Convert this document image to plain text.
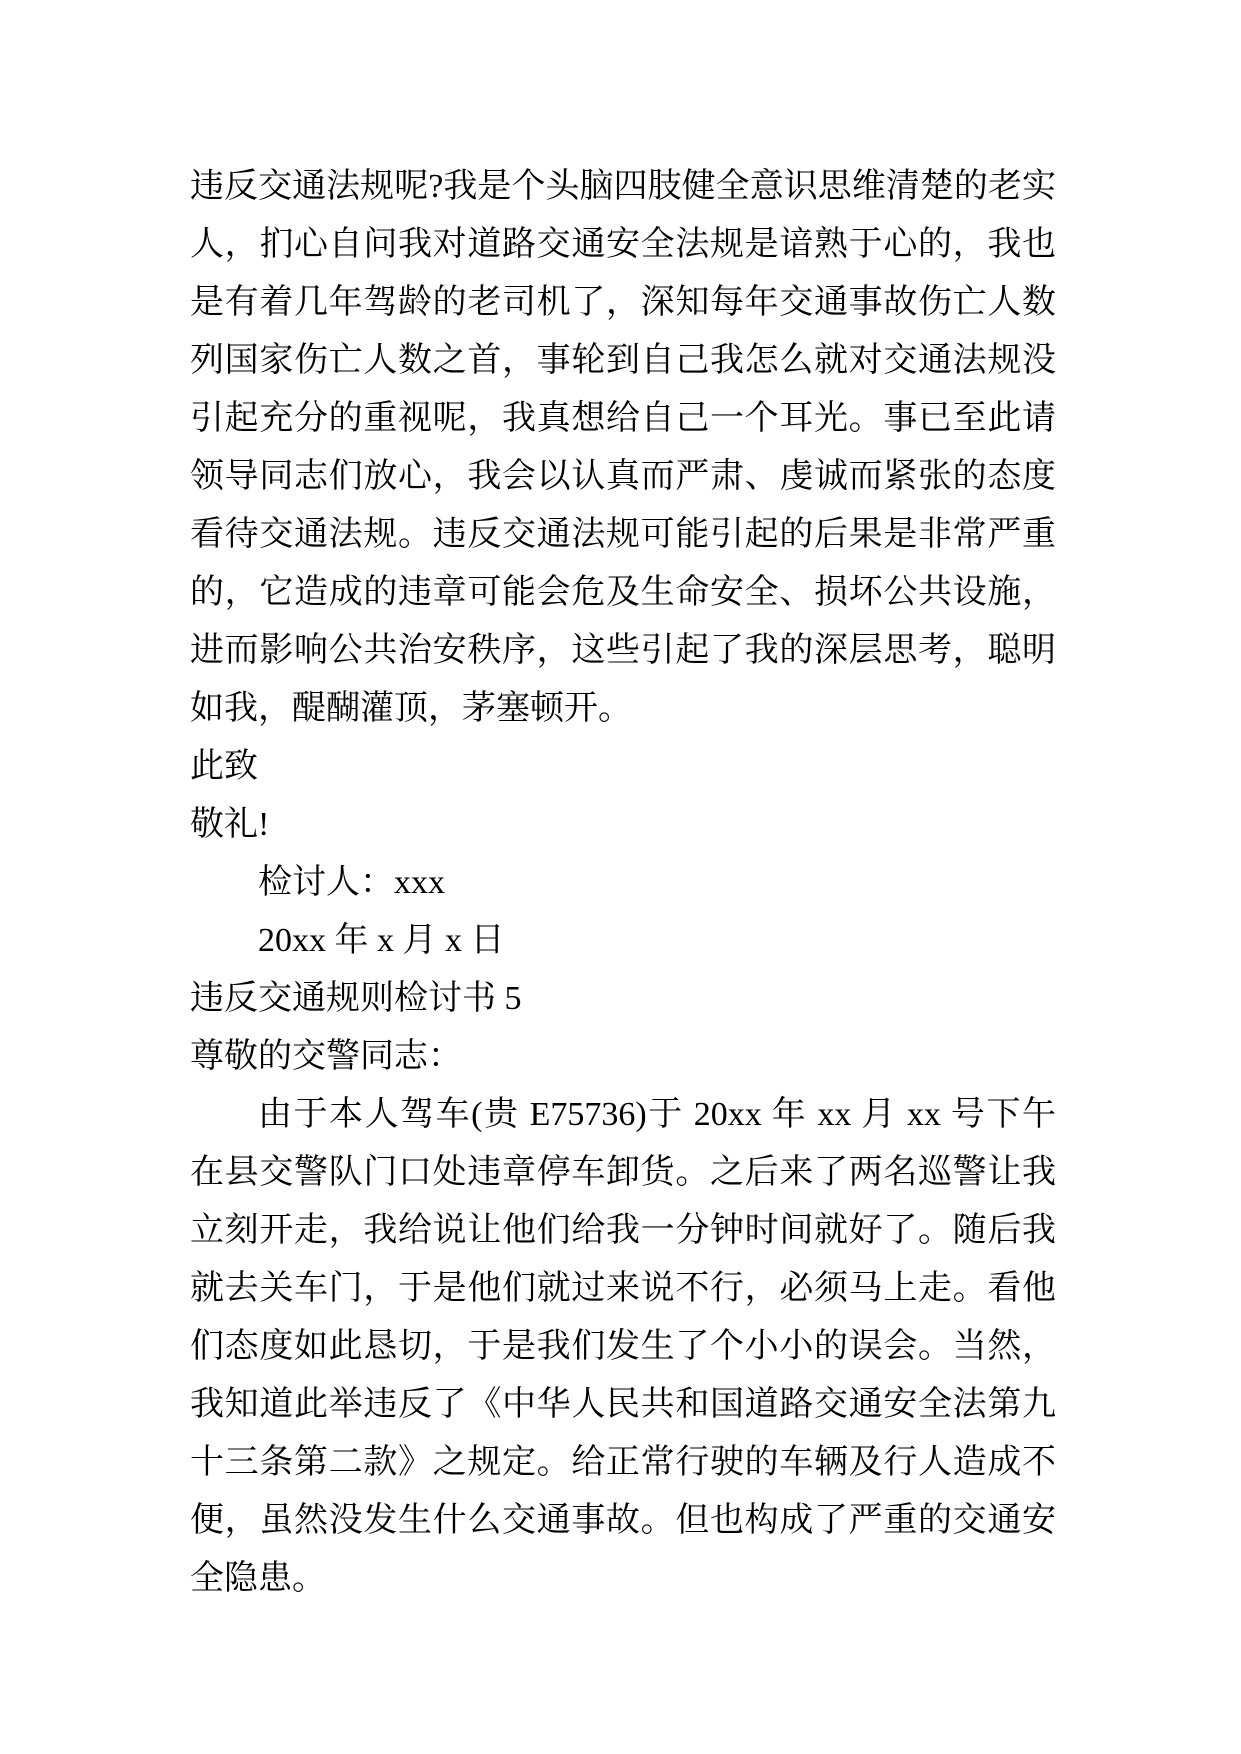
违反交通法规呢?我是个头脑四肢健全意识思维清楚的老实人，扪心自问我对道路交通安全法规是谙熟于心的，我也是有着几年驾龄的老司机了，深知每年交通事故伤亡人数列国家伤亡人数之首，事轮到自己我怎么就对交通法规没引起充分的重视呢，我真想给自己一个耳光。事已至此请领导同志们放心，我会以认真而严肃、虔诚而紧张的态度看待交通法规。违反交通法规可能引起的后果是非常严重的，它造成的违章可能会危及生命安全、损坏公共设施，进而影响公共治安秩序，这些引起了我的深层思考，聪明如我，醍醐灌顶，茅塞顿开。

此致

敬礼!

检讨人：xxx

20xx 年 x 月 x 日

违反交通规则检讨书 5

尊敬的交警同志：

由于本人驾车(贵 E75736)于 20xx 年 xx 月 xx 号下午在县交警队门口处违章停车卸货。之后来了两名巡警让我立刻开走，我给说让他们给我一分钟时间就好了。随后我就去关车门，于是他们就过来说不行，必须马上走。看他们态度如此恳切，于是我们发生了个小小的误会。当然，我知道此举违反了《中华人民共和国道路交通安全法第九十三条第二款》之规定。给正常行驶的车辆及行人造成不便，虽然没发生什么交通事故。但也构成了严重的交通安全隐患。
